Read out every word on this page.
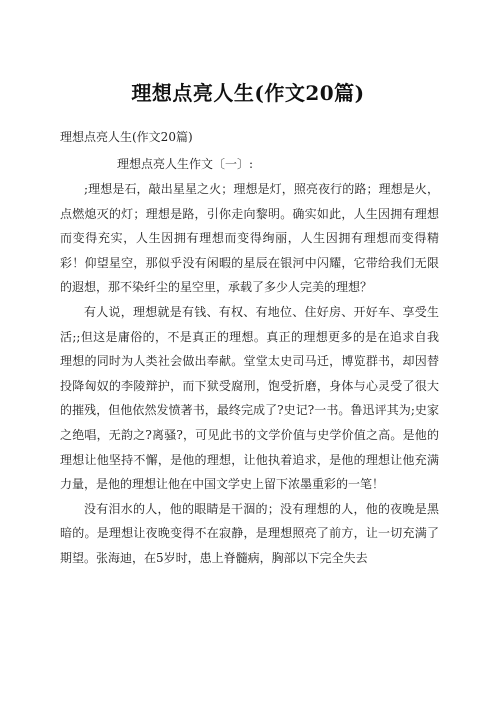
理想点亮人生(作文20篇)
理想点亮人生(作文20篇)
理想点亮人生作文〔一〕:

;理想是石，敲出星星之火；理想是灯，照亮夜行的路；理想是火，点燃熄灭的灯；理想是路，引你走向黎明。确实如此，人生因拥有理想而变得充实，人生因拥有理想而变得绚丽，人生因拥有理想而变得精彩！仰望星空，那似乎没有闲暇的星辰在银河中闪耀，它带给我们无限的遐想，那不染纤尘的星空里，承载了多少人完美的理想？

有人说，理想就是有钱、有权、有地位、住好房、开好车、享受生活;;但这是庸俗的，不是真正的理想。真正的理想更多的是在追求自我理想的同时为人类社会做出奉献。堂堂太史司马迁，博览群书，却因替投降匈奴的李陵辩护，而下狱受腐刑，饱受折磨，身体与心灵受了很大的摧残，但他依然发愤著书，最终完成了?史记?一书。鲁迅评其为;史家之绝唱，无韵之?离骚?，可见此书的文学价值与史学价值之高。是他的理想让他坚持不懈，是他的理想，让他执着追求，是他的理想让他充满力量，是他的理想让他在中国文学史上留下浓墨重彩的一笔！

没有泪水的人，他的眼睛是干涸的；没有理想的人，他的夜晚是黑暗的。是理想让夜晚变得不在寂静，是理想照亮了前方，让一切充满了期望。张海迪，在5岁时，患上脊髓病，胸部以下完全失去
